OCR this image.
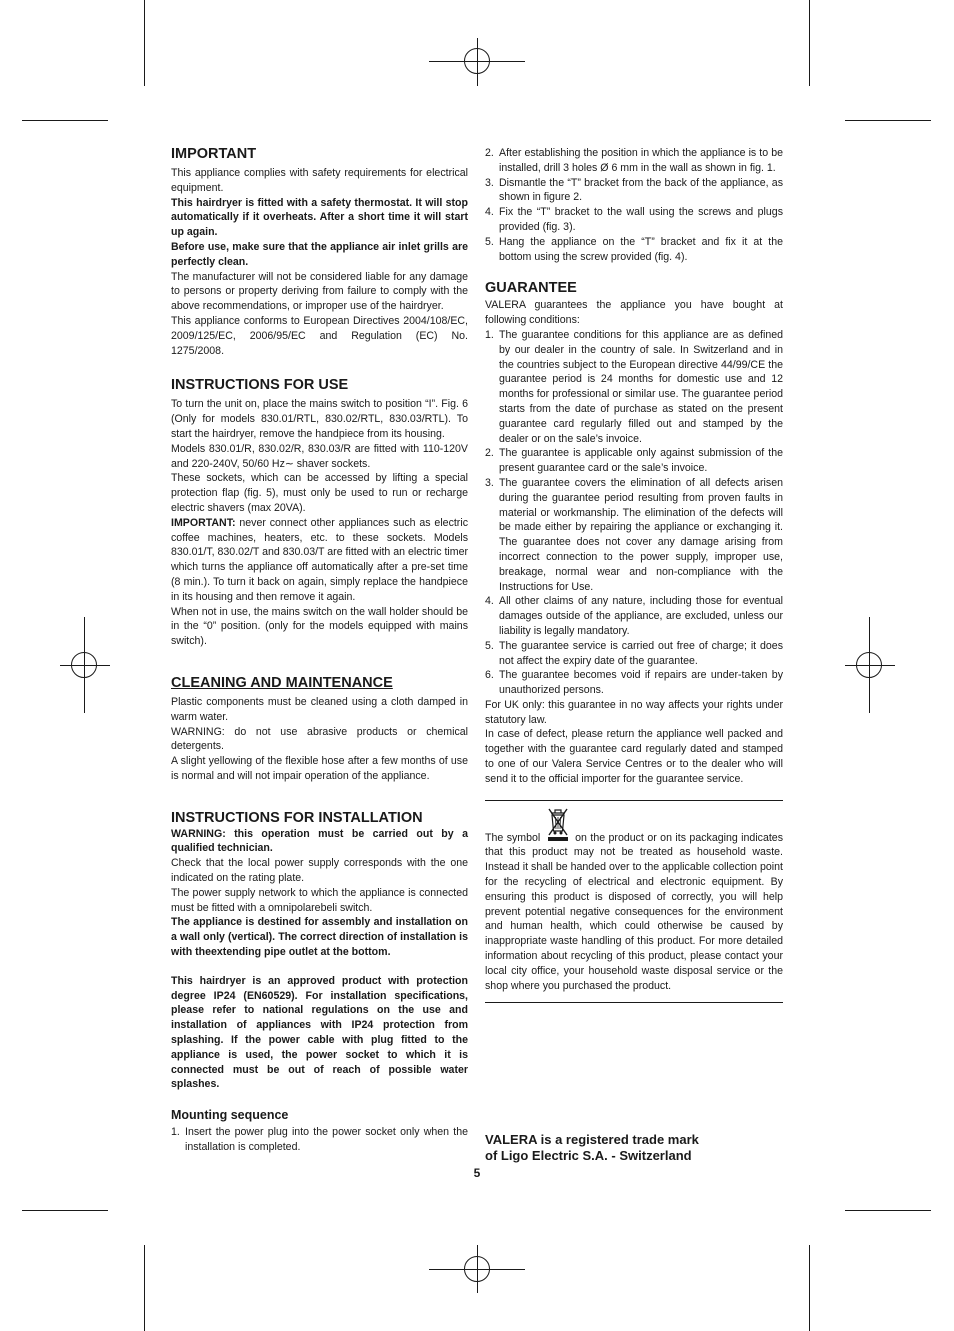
IMPORTANT

This appliance complies with safety requirements for electrical equipment.

This hairdryer is fitted with a safety thermostat. It will stop automatically if it overheats. After a short time it will start up again.

Before use, make sure that the appliance air inlet grills are perfectly clean.

The manufacturer will not be considered liable for any damage to persons or property deriving from failure to comply with the above recommendations, or improper use of the hairdryer.

This appliance conforms to European Directives 2004/108/EC, 2009/125/EC, 2006/95/EC and Regulation (EC) No. 1275/2008.

INSTRUCTIONS FOR USE

To turn the unit on, place the mains switch to position “I”. Fig. 6 (Only for models 830.01/RTL, 830.02/RTL, 830.03/RTL). To start the hairdryer, remove the handpiece from its housing.

Models 830.01/R, 830.02/R, 830.03/R are fitted with 110-120V and 220-240V, 50/60 Hz∼ shaver sockets.

These sockets, which can be accessed by lifting a special protection flap (fig. 5), must only be used to run or recharge electric shavers (max 20VA).

IMPORTANT: never connect other appliances such as electric coffee machines, heaters, etc. to these sockets. Models 830.01/T, 830.02/T and 830.03/T are fitted with an electric timer which turns the appliance off automatically after a pre-set time (8 min.). To turn it back on again, simply replace the handpiece in its housing and then remove it again.

When not in use, the mains switch on the wall holder should be in the “0” position. (only for the models equipped with mains switch).

CLEANING AND MAINTENANCE

Plastic components must be cleaned using a cloth damped in warm water.

WARNING: do not use abrasive products or chemical detergents.

A slight yellowing of the flexible hose after a few months of use is normal and will not impair operation of the appliance.

INSTRUCTIONS FOR INSTALLATION

WARNING: this operation must be carried out by a qualified technician.

Check that the local power supply corresponds with the one indicated on the rating plate.

The power supply network to which the appliance is connected must be fitted with a omnipolarebeli switch.

The appliance is destined for assembly and installation on a wall only (vertical). The correct direction of installation is with theextending pipe outlet at the bottom.

This hairdryer is an approved product with protection degree IP24 (EN60529). For installation specifications, please refer to national regulations on the use and installation of appliances with IP24 protection from splashing. If the power cable with plug fitted to the appliance is used, the power socket to which it is connected must be out of reach of possible water splashes.

Mounting sequence
1. Insert the power plug into the power socket only when the installation is completed.
2. After establishing the position in which the appliance is to be installed, drill 3 holes Ø 6 mm in the wall as shown in fig. 1.
3. Dismantle the “T” bracket from the back of the appliance, as shown in figure 2.
4. Fix the “T” bracket to the wall using the screws and plugs provided (fig. 3).
5. Hang the appliance on the “T” bracket and fix it at the bottom using the screw provided (fig. 4).
GUARANTEE

VALERA guarantees the appliance you have bought at following conditions:

1. The guarantee conditions for this appliance are as defined by our dealer in the country of sale. In Switzerland and in the countries subject to the European directive 44/99/CE the guarantee period is 24 months for domestic use and 12 months for professional or similar use. The guarantee period starts from the date of purchase as stated on the present guarantee card regularly filled out and stamped by the dealer or on the sale’s invoice.
2. The guarantee is applicable only against submission of the present guarantee card or the sale’s invoice.
3. The guarantee covers the elimination of all defects arisen during the guarantee period resulting from proven faults in material or workmanship. The elimination of the defects will be made either by repairing the appliance or exchanging it. The guarantee does not cover any damage arising from incorrect connection to the power supply, improper use, breakage, normal wear and non-compliance with the Instructions for Use.
4. All other claims of any nature, including those for eventual damages outside of the appliance, are excluded, unless our liability is legally mandatory.
5. The guarantee service is carried out free of charge; it does not affect the expiry date of the guarantee.
6. The guarantee becomes void if repairs are under-taken by unauthorized persons.

For UK only: this guarantee in no way affects your rights under statutory law.

In case of defect, please return the appliance well packed and together with the guarantee card regularly dated and stamped to one of our Valera Service Centres or to the dealer who will send it to the official importer for the guarantee service.

The symbol	on the product or on its packaging indicates that this product may not be treated as household waste. Instead it shall be handed over to the applicable collection point for the recycling of electrical and electronic equipment. By ensuring this product is disposed of correctly, you will help prevent potential negative consequences for the environment and human health, which could otherwise be caused by inappropriate waste handling of this product. For more detailed information about recycling of this product, please contact your local city office, your household waste disposal service or the shop where you purchased the product.

VALERA is a registered trade mark
of Ligo Electric S.A. - Switzerland
5
